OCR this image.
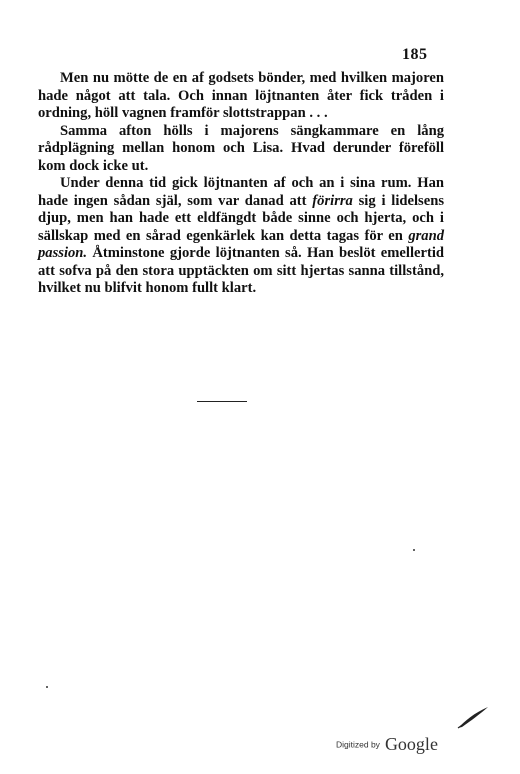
185

Men nu mötte de en af godsets bönder, med hvilken majoren hade något att tala. Och innan löjtnanten åter fick tråden i ordning, höll vagnen framför slottstrappan . . .

Samma afton hölls i majorens sängkammare en lång rådplägning mellan honom och Lisa. Hvad derunder föreföll kom dock icke ut.

Under denna tid gick löjtnanten af och an i sina rum. Han hade ingen sådan själ, som var danad att förirra sig i lidelsens djup, men han hade ett eldfängdt både sinne och hjerta, och i sällskap med en sårad egenkärlek kan detta tagas för en grand passion. Åtminstone gjorde löjtnanten så. Han beslöt emellertid att sofva på den stora upptäckten om sitt hjertas sanna tillstånd, hvilket nu blifvit honom fullt klart.

Digitized by Google
